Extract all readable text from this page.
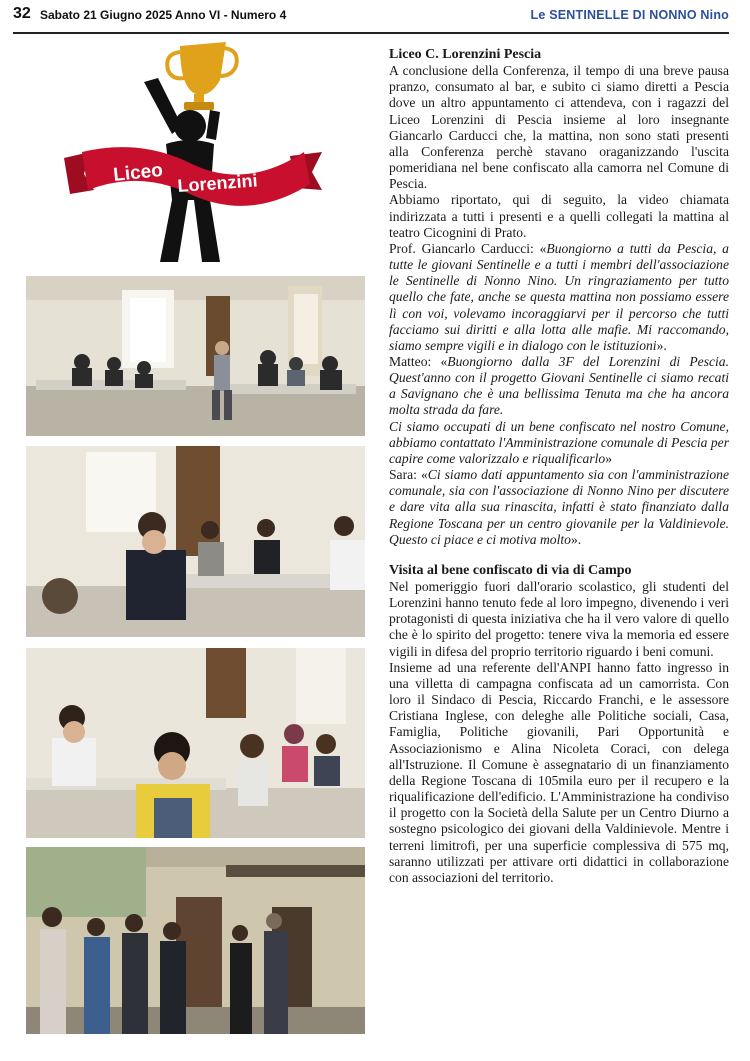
32 Sabato 21 Giugno 2025 Anno VI - Numero 4	Le SENTINELLE DI NONNO Nino
Liceo Lorenzini

Liceo C. Lorenzini Pescia

A conclusione della Conferenza, il tempo di una breve pausa pranzo, consumato al bar, e subito ci siamo diretti a Pescia dove un altro appuntamento ci attendeva, con i ragazzi del Liceo Lorenzini di Pescia insieme al loro insegnante Giancarlo Carducci che, la mattina, non sono stati presenti alla Conferenza perchè stavano oraganizzando l'uscita pomeridiana nel bene confiscato alla camorra nel Comune di Pescia.

Abbiamo riportato, qui di seguito, la video chiamata indirizzata a tutti i presenti e a quelli collegati la mattina al teatro Cicognini di Prato.

Prof. Giancarlo Carducci: «Buongiorno a tutti da Pescia, a tutte le giovani Sentinelle e a tutti i membri dell'associazione le Sentinelle di Nonno Nino. Un ringraziamento per tutto quello che fate, anche se questa mattina non possiamo essere lì con voi, volevamo incoraggiarvi per il percorso che tutti facciamo sui diritti e alla lotta alle mafie. Mi raccomando, siamo sempre vigili e in dialogo con le istituzioni».

Matteo: «Buongiorno dalla 3F del Lorenzini di Pescia. Quest'anno con il progetto Giovani Sentinelle ci siamo recati a Savignano che è una bellissima Tenuta ma che ha ancora molta strada da fare.

Ci siamo occupati di un bene confiscato nel nostro Comune, abbiamo contattato l'Amministrazione comunale di Pescia per capire come valorizzalo e riqualificarlo»

Sara: «Ci siamo dati appuntamento sia con l'amministrazione comunale, sia con l'associazione di Nonno Nino per discutere e dare vita alla sua rinascita, infatti è stato finanziato dalla Regione Toscana per un centro giovanile per la Valdinievole. Questo ci piace e ci motiva molto».

Visita al bene confiscato di via di Campo

Nel pomeriggio fuori dall'orario scolastico, gli studenti del Lorenzini hanno tenuto fede al loro impegno, divenendo i veri protagonisti di questa iniziativa che ha il vero valore di quello che è lo spirito del progetto: tenere viva la memoria ed essere vigili in difesa del proprio territorio riguardo i beni comuni.

Insieme ad una referente dell'ANPI hanno fatto ingresso in una villetta di campagna confiscata ad un camorrista. Con loro il Sindaco di Pescia, Riccardo Franchi, e le assessore Cristiana Inglese, con deleghe alle Politiche sociali, Casa, Famiglia, Politiche giovanili, Pari Opportunità e Associazionismo e Alina Nicoleta Coraci, con delega all'Istruzione. Il Comune è assegnatario di un finanziamento della Regione Toscana di 105mila euro per il recupero e la riqualificazione dell'edificio. L'Amministrazione ha condiviso il progetto con la Società della Salute per un Centro Diurno a sostegno psicologico dei giovani della Valdinievole. Mentre i terreni limitrofi, per una superficie complessiva di 575 mq, saranno utilizzati per attivare orti didattici in collaborazione con associazioni del territorio.
